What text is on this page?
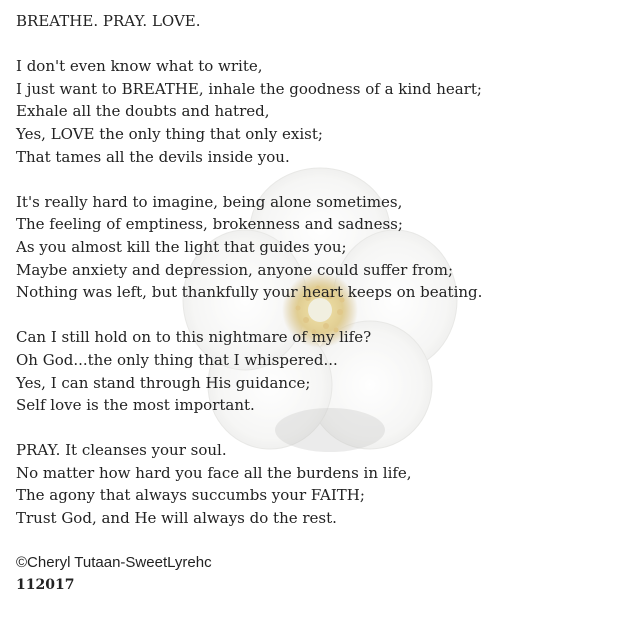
BREATHE. PRAY. LOVE.
I don't even know what to write,
I just want to BREATHE, inhale the goodness of a kind heart;
Exhale all the doubts and hatred,
Yes, LOVE the only thing that only exist;
That tames all the devils inside you.
It's really hard to imagine, being alone sometimes,
The feeling of emptiness, brokenness and sadness;
As you almost kill the light that guides you;
Maybe anxiety and depression, anyone could suffer from;
Nothing was left, but thankfully your heart keeps on beating.
Can I still hold on to this nightmare of my life?
Oh God...the only thing that I whispered...
Yes, I can stand through His guidance;
Self love is the most important.
PRAY. It cleanses your soul.
No matter how hard you face all the burdens in life,
The agony that always succumbs your FAITH;
Trust God, and He will always do the rest.
©Cheryl Tutaan-SweetLyrehc
112017
